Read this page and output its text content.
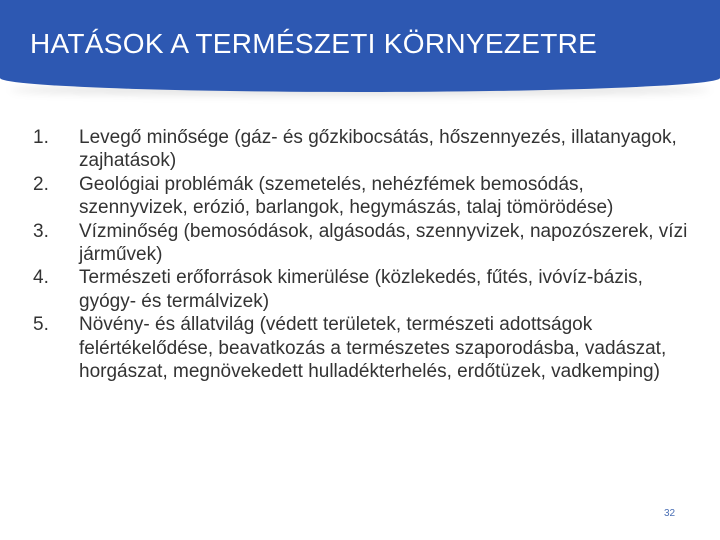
HATÁSOK A TERMÉSZETI KÖRNYEZETRE
1.	Levegő minősége (gáz- és gőzkibocsátás, hőszennyezés, illatanyagok, zajhatások)
2.	Geológiai problémák (szemetelés, nehézfémek bemosódás, szennyvizek, erózió, barlangok, hegymászás, talaj tömörödése)
3.	Vízminőség (bemosódások, algásodás, szennyvizek, napozószerek, vízi járművek)
4.	Természeti erőforrások kimerülése (közlekedés, fűtés, ivóvíz-bázis, gyógy- és termálvizek)
5.	Növény- és állatvilág (védett területek, természeti adottságok felértékelődése, beavatkozás a természetes szaporodásba, vadászat, horgászat, megnövekedett hulladékterhelés, erdőtüzek, vadkemping)
32
